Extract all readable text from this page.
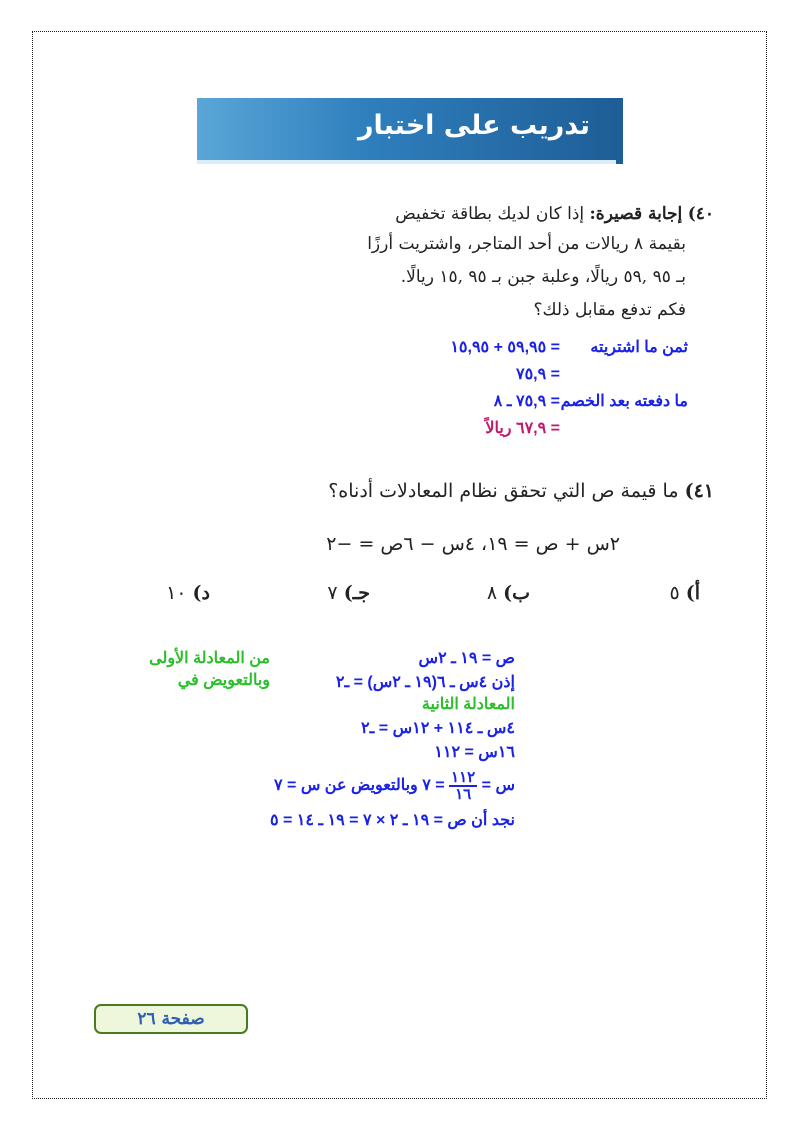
تدريب على اختبار
٤٠) إجابة قصيرة: إذا كان لديك بطاقة تخفيض
بقيمة ٨ ريالات من أحد المتاجر، واشتريت أرزًا
بـ ٩٥ ,٥٩ ريالًا، وعلبة جبن بـ ٩٥ ,١٥ ريالًا.
فكم تدفع مقابل ذلك؟
ثمن ما اشتريته
= ٥٩,٩٥ + ١٥,٩٥
= ٧٥,٩
ما دفعته بعد الخصم
= ٧٥,٩ ـ ٨
= ٦٧,٩ ريالاً
٤١) ما قيمة ص التي تحقق نظام المعادلات أدناه؟
٢س + ص = ١٩، ٤س − ٦ص = −٢
أ) ٥
ب) ٨
جـ) ٧
د) ١٠
ص = ١٩ ـ ٢س
من المعادلة الأولى
وبالتعويض في	إذن ٤س ـ ٦(١٩ ـ ٢س) = ـ٢
المعادلة الثانية
٤س ـ ١١٤ + ١٢س = ـ٢
١٦س = ١١٢
س =
$\frac{١١٢}{١٦}$
= ٧ وبالتعويض عن س = ٧
نجد أن ص = ١٩ ـ ٢ × ٧ = ١٩ ـ ١٤ = ٥
صفحة ٢٦
